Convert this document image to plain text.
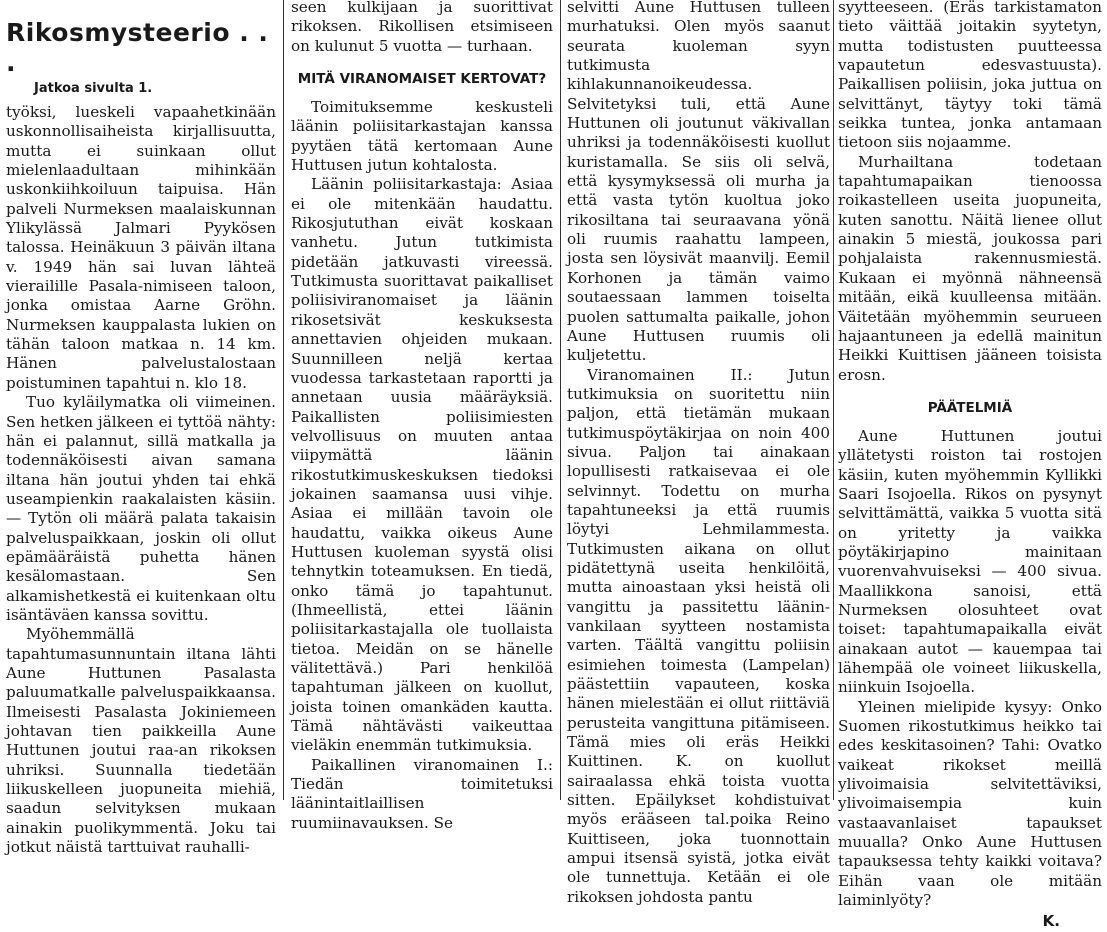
Rikosmysteerio . . .
Jatkoa sivulta 1.

työksi, lueskeli vapaahetkinään uskonnollisaiheista kirjallisuutta, mutta ei suinkaan ollut mielenlaadultaan mihinkään uskonkiihkoiluun taipuisa. Hän palveli Nurmeksen maalaiskunnan Ylikylässä Jalmari Pyykösen talossa. Heinäkuun 3 päivän iltana v. 1949 hän sai luvan lähteä vierailille Pasala-nimiseen taloon, jonka omistaa Aarne Gröhn. Nurmeksen kauppalasta lukien on tähän taloon matkaa n. 14 km. Hänen palvelustalostaan poistuminen tapahtui n. klo 18.

Tuo kyläilymatka oli viimeinen. Sen hetken jälkeen ei tyttöä nähty: hän ei palannut, sillä matkalla ja todennäköisesti aivan samana iltana hän joutui yhden tai ehkä useampienkin raakalaisten käsiin. — Tytön oli määrä palata takaisin palveluspaikkaan, joskin oli ollut epämääräistä puhetta hänen kesälomastaan. Sen alkamishetkestä ei kuitenkaan oltu isäntäväen kanssa sovittu.

Myöhemmällä tapahtumasunnuntain iltana lähti Aune Huttunen Pasalasta paluumatkalle palveluspaikkaansa. Ilmeisesti Pasalasta Jokiniemeen johtavan tien paikkeilla Aune Huttunen joutui raa-an rikoksen uhriksi. Suunnalla tiedetään liikuskelleen juopuneita miehiä, saadun selvityksen mukaan ainakin puolikymmentä. Joku tai jotkut näistä tarttuivat rauhalli-

seen kulkijaan ja suorittivat rikoksen. Rikollisen etsimiseen on kulunut 5 vuotta — turhaan.

MITÄ VIRANOMAISET KERTOVAT?

Toimituksemme keskusteli läänin poliisitarkastajan kanssa pyytäen tätä kertomaan Aune Huttusen jutun kohtalosta.

Läänin poliisitarkastaja: Asiaa ei ole mitenkään haudattu. Rikosjututhan eivät koskaan vanhetu. Jutun tutkimista pidetään jatkuvasti vireessä. Tutkimusta suorittavat paikalliset poliisiviranomaiset ja läänin rikosetsivät keskuksesta annettavien ohjeiden mukaan. Suunnilleen neljä kertaa vuodessa tarkastetaan raportti ja annetaan uusia määräyksiä. Paikallisten poliisimiesten velvollisuus on muuten antaa viipymättä läänin rikostutkimuskeskuksen tiedoksi jokainen saamansa uusi vihje. Asiaa ei millään tavoin ole haudattu, vaikka oikeus Aune Huttusen kuoleman syystä olisi tehnytkin toteamuksen. En tiedä, onko tämä jo tapahtunut. (Ihmeellistä, ettei läänin poliisitarkastajalla ole tuollaista tietoa. Meidän on se hänelle välitettävä.) Pari henkilöä tapahtuman jälkeen on kuollut, joista toinen omankäden kautta. Tämä nähtävästi vaikeuttaa vieläkin enemmän tutkimuksia.

Paikallinen viranomainen I.: Tiedän toimitetuksi läänintaitlaillisen ruumiinavauksen. Se

selvitti Aune Huttusen tulleen murhatuksi. Olen myös saanut seurata kuoleman syyn tutkimusta kihlakunnanoikeudessa. Selvitetyksi tuli, että Aune Huttunen oli joutunut väkivallan uhriksi ja todennäköisesti kuollut kuristamalla. Se siis oli selvä, että kysymyksessä oli murha ja että vasta tytön kuoltua joko rikosiltana tai seuraavana yönä oli ruumis raahattu lampeen, josta sen löysivät maanvilj. Eemil Korhonen ja tämän vaimo soutaessaan lammen toiselta puolen sattumalta paikalle, johon Aune Huttusen ruumis oli kuljetettu.

Viranomainen II.: Jutun tutkimuksia on suoritettu niin paljon, että tietämän mukaan tutkimuspöytäkirjaa on noin 400 sivua. Paljon tai ainakaan lopullisesti ratkaisevaa ei ole selvinnyt. Todettu on murha tapahtuneeksi ja että ruumis löytyi Lehmilammesta. Tutkimusten aikana on ollut pidätettynä useita henkilöitä, mutta ainoastaan yksi heistä oli vangittu ja passitettu lääninvankilaan syytteen nostamista varten. Täältä vangittu poliisin esimiehen toimesta (Lampelan) päästettiin vapauteen, koska hänen mielestään ei ollut riittäviä perusteita vangittuna pitämiseen. Tämä mies oli eräs Heikki Kuittinen. K. on kuollut sairaalassa ehkä toista vuotta sitten. Epäilykset kohdistuivat myös erääseen tal.poika Reino Kuittiseen, joka tuonnottain ampui itsensä syistä, jotka eivät ole tunnettuja. Ketään ei ole rikoksen johdosta pantu

syytteeseen. (Eräs tarkistamaton tieto väittää joitakin syytetyn, mutta todistusten puutteessa vapautetun edesvastuusta). Paikallisen poliisin, joka juttua on selvittänyt, täytyy toki tämä seikka tuntea, jonka antamaan tietoon siis nojaamme.

Murhailtana todetaan tapahtumapaikan tienoossa roikastelleen useita juopuneita, kuten sanottu. Näitä lienee ollut ainakin 5 miestä, joukossa pari pohjalaista rakennusmiestä. Kukaan ei myönnä nähneensä mitään, eikä kuulleensa mitään. Väitetään myöhemmin seurueen hajaantuneen ja edellä mainitun Heikki Kuittisen jääneen toisista erosn.

PÄÄTELMIÄ

Aune Huttunen joutui yllätetysti roiston tai rostojen käsiin, kuten myöhemmin Kyllikki Saari Isojoella. Rikos on pysynyt selvittämättä, vaikka 5 vuotta sitä on yritetty ja vaikka pöytäkirjapino mainitaan vuorenvahvuiseksi — 400 sivua. Maallikkona sanoisi, että Nurmeksen olosuhteet ovat toiset: tapahtumapaikalla eivät ainakaan autot — kauempaa tai lähempää ole voineet liikuskella, niinkuin Isojoella.

Yleinen mielipide kysyy: Onko Suomen rikostutkimus heikko tai edes keskitasoinen? Tahi: Ovatko vaikeat rikokset meillä ylivoimaisia selvitettäviksi, ylivoimaisempia kuin vastaavanlaiset tapaukset muualla? Onko Aune Huttusen tapauksessa tehty kaikki voitava? Eihän vaan ole mitään laiminlyöty?

K.
